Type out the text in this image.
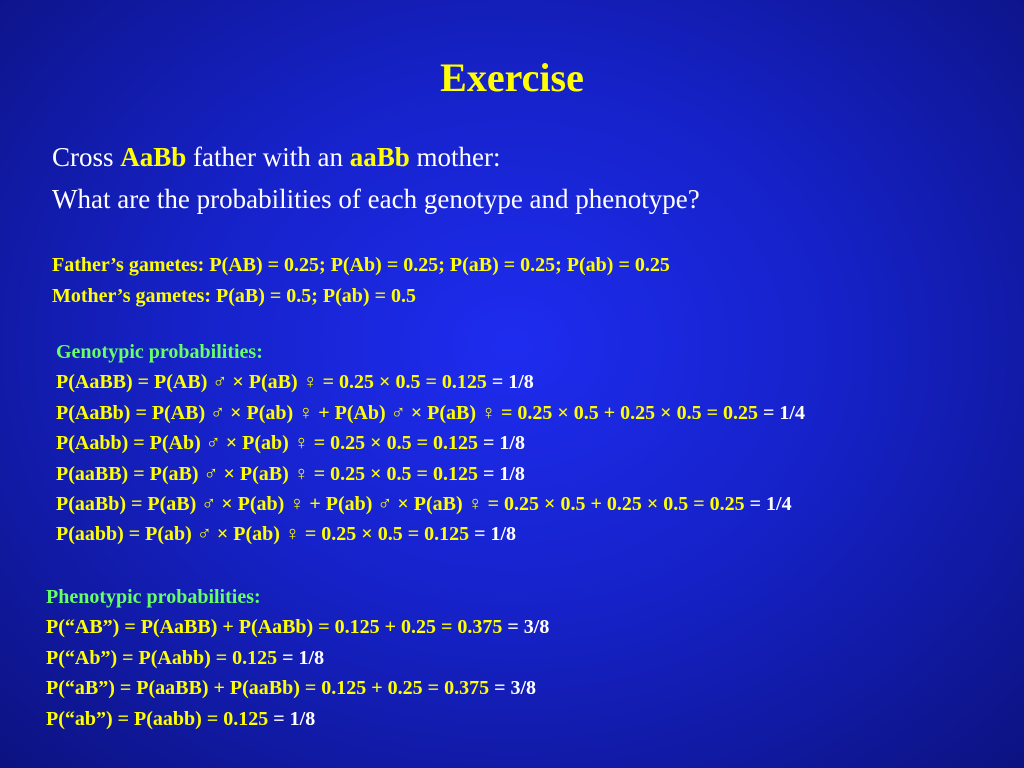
Exercise
Cross AaBb father with an aaBb mother:
What are the probabilities of each genotype and phenotype?
Father’s gametes: P(AB) = 0.25; P(Ab) = 0.25; P(aB) = 0.25; P(ab) = 0.25
Mother’s gametes: P(aB) = 0.5; P(ab) = 0.5
Genotypic probabilities:
P(AaBB) = P(AB) ♂ × P(aB) ♀ = 0.25 × 0.5 = 0.125 = 1/8
P(AaBb) = P(AB) ♂ × P(ab) ♀ + P(Ab) ♂ × P(aB) ♀ = 0.25 × 0.5 + 0.25 × 0.5 = 0.25 = 1/4
P(Aabb) = P(Ab) ♂ × P(ab) ♀ = 0.25 × 0.5 = 0.125 = 1/8
P(aaBB) = P(aB) ♂ × P(aB) ♀ = 0.25 × 0.5 = 0.125 = 1/8
P(aaBb) = P(aB) ♂ × P(ab) ♀ + P(ab) ♂ × P(aB) ♀ = 0.25 × 0.5 + 0.25 × 0.5 = 0.25 = 1/4
P(aabb) = P(ab) ♂ × P(ab) ♀ = 0.25 × 0.5 = 0.125 = 1/8
Phenotypic probabilities:
P(“AB”) = P(AaBB) + P(AaBb) = 0.125 + 0.25 = 0.375 = 3/8
P(“Ab”) = P(Aabb) = 0.125 = 1/8
P(“aB”) = P(aaBB) + P(aaBb) = 0.125 + 0.25 = 0.375 = 3/8
P(“ab”) = P(aabb) = 0.125 = 1/8
